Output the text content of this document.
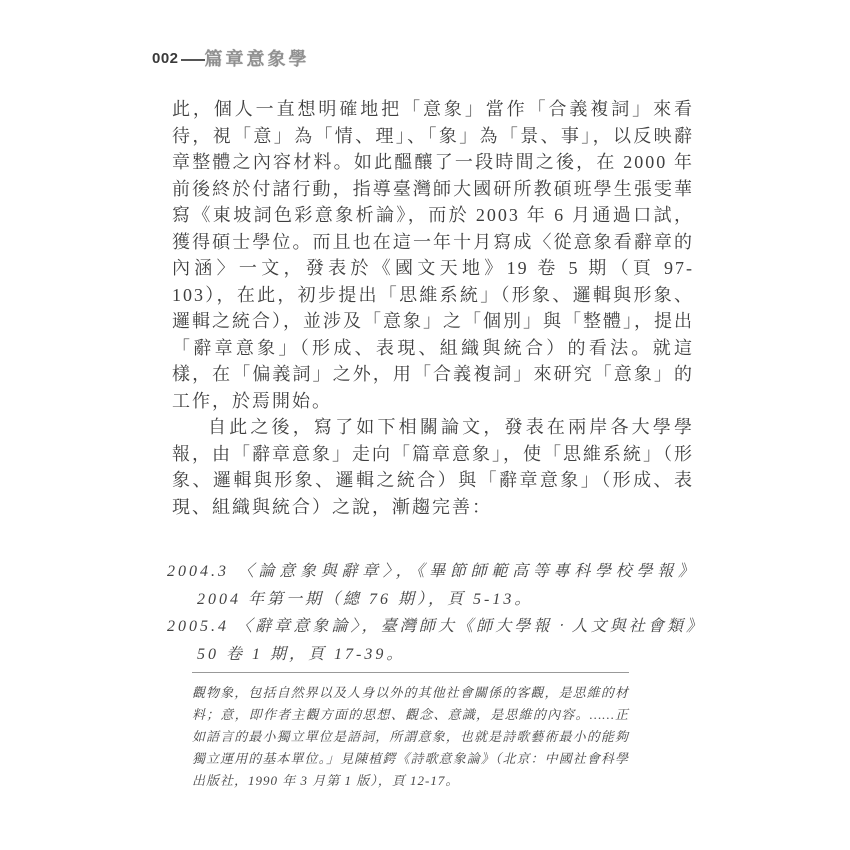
002 篇章意象學

此，個人一直想明確地把「意象」當作「合義複詞」來看待，視「意」為「情、理」、「象」為「景、事」，以反映辭章整體之內容材料。如此醞釀了一段時間之後，在 2000 年前後終於付諸行動，指導臺灣師大國研所教碩班學生張雯華寫《東坡詞色彩意象析論》，而於 2003 年 6 月通過口試，獲得碩士學位。而且也在這一年十月寫成〈從意象看辭章的內涵〉一文，發表於《國文天地》19 卷 5 期（頁 97-103），在此，初步提出「思維系統」（形象、邏輯與形象、邏輯之統合），並涉及「意象」之「個別」與「整體」，提出「辭章意象」（形成、表現、組織與統合）的看法。就這樣，在「偏義詞」之外，用「合義複詞」來研究「意象」的工作，於焉開始。

自此之後，寫了如下相關論文，發表在兩岸各大學學報，由「辭章意象」走向「篇章意象」，使「思維系統」（形象、邏輯與形象、邏輯之統合）與「辭章意象」（形成、表現、組織與統合）之說，漸趨完善：

2004.3 〈論意象與辭章〉，《畢節師範高等專科學校學報》2004 年第一期（總 76 期），頁 5-13。

2005.4 〈辭章意象論〉，臺灣師大《師大學報‧人文與社會類》50 卷 1 期，頁 17-39。

觀物象，包括自然界以及人身以外的其他社會關係的客觀，是思維的材料；意，即作者主觀方面的思想、觀念、意識，是思維的內容。……正如語言的最小獨立單位是語詞，所謂意象，也就是詩歌藝術最小的能夠獨立運用的基本單位。」見陳植鍔《詩歌意象論》（北京：中國社會科學出版社，1990 年 3 月第 1 版），頁 12-17。
